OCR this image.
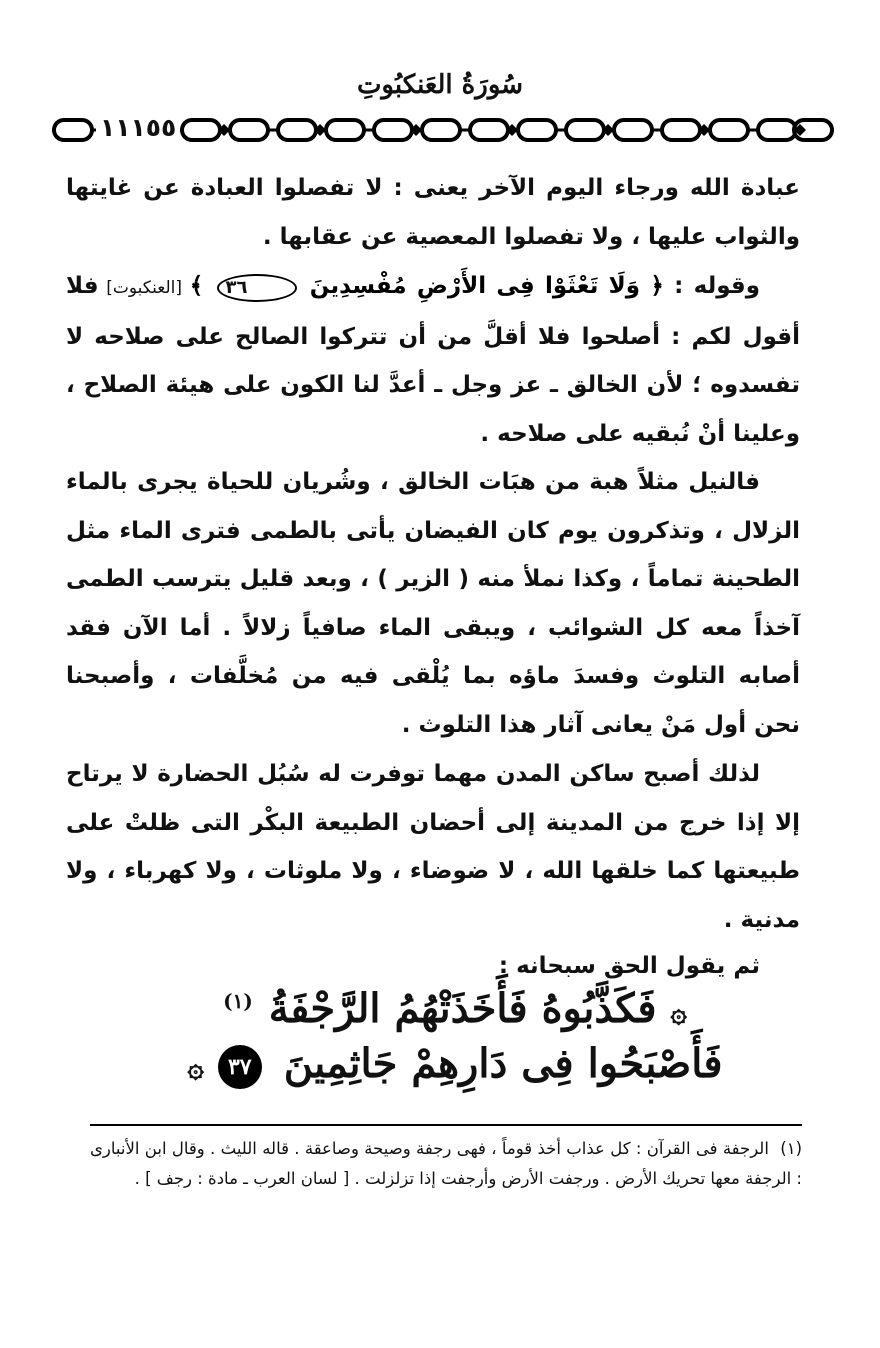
سُورَةُ العَنكبُوتِ
١١١٥٥

عبادة الله ورجاء اليوم الآخر يعنى : لا تفصلوا العبادة عن غايتها والثواب عليها ، ولا تفصلوا المعصية عن عقابها .

وقوله : ﴿ وَلَا تَعْثَوْا فِى الأَرْضِ مُفْسِدِينَ ٣٦ ﴾ [العنكبوت] فلا أقول لكم : أصلحوا فلا أقلَّ من أن تتركوا الصالح على صلاحه لا تفسدوه ؛ لأن الخالق ـ عز وجل ـ أعدَّ لنا الكون على هيئة الصلاح ، وعلينا أنْ نُبقيه على صلاحه .

فالنيل مثلاً هبة من هبَات الخالق ، وشُريان للحياة يجرى بالماء الزلال ، وتذكرون يوم كان الفيضان يأتى بالطمى فترى الماء مثل الطحينة تماماً ، وكذا نملأ منه ( الزير ) ، وبعد قليل يترسب الطمى آخذاً معه كل الشوائب ، ويبقى الماء صافياً زلالاً . أما الآن فقد أصابه التلوث وفسدَ ماؤه بما يُلْقى فيه من مُخلَّفات ، وأصبحنا نحن أول مَنْ يعانى آثار هذا التلوث .

لذلك أصبح ساكن المدن مهما توفرت له سُبُل الحضارة لا يرتاح إلا إذا خرج من المدينة إلى أحضان الطبيعة البكْر التى ظلتْ على طبيعتها كما خلقها الله ، لا ضوضاء ، ولا ملوثات ، ولا كهرباء ، ولا مدنية .

ثم يقول الحق سبحانه :

۞ فَكَذَّبُوهُ فَأَخَذَتْهُمُ الرَّجْفَةُ $^{(١)}$
فَأَصْبَحُوا فِى دَارِهِمْ جَاثِمِينَ ٣٧ ۞
(١) الرجفة فى القرآن : كل عذاب أخذ قوماً ، فهى رجفة وصيحة وصاعقة . قاله الليث . وقال ابن الأنبارى : الرجفة معها تحريك الأرض . ورجفت الأرض وأرجفت إذا تزلزلت . [ لسان العرب ـ مادة : رجف ] .
